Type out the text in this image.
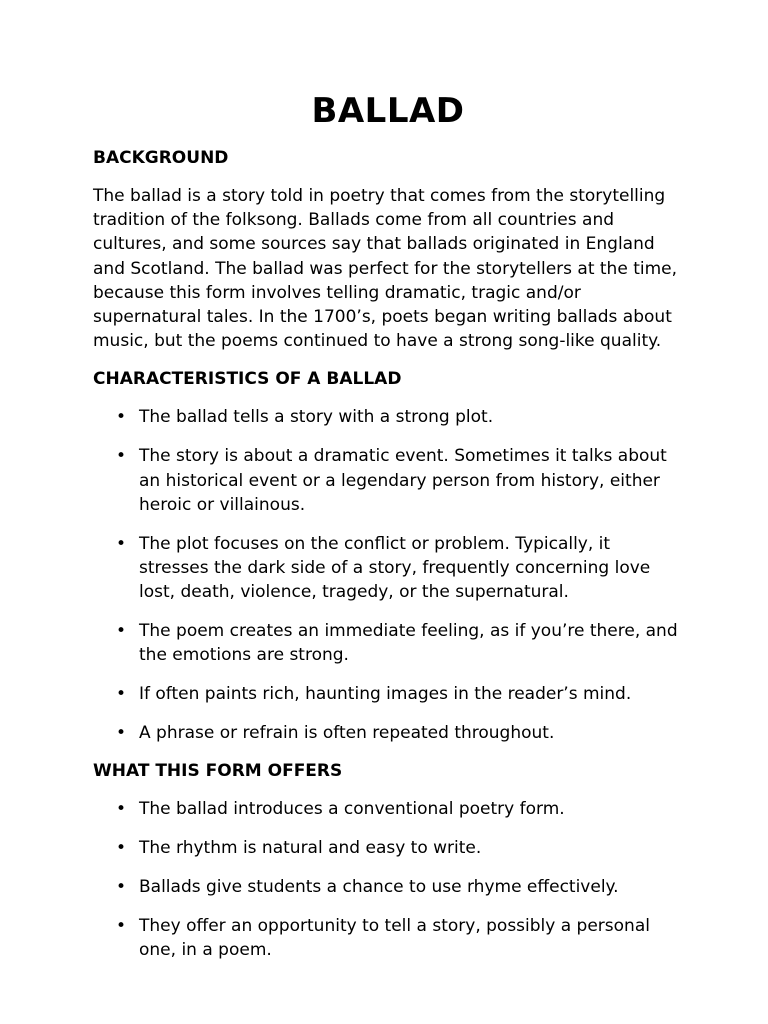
BALLAD
BACKGROUND
The ballad is a story told in poetry that comes from the storytelling tradition of the folksong. Ballads come from all countries and cultures, and some sources say that ballads originated in England and Scotland. The ballad was perfect for the storytellers at the time, because this form involves telling dramatic, tragic and/or supernatural tales. In the 1700’s, poets began writing ballads about music, but the poems continued to have a strong song-like quality.
CHARACTERISTICS OF A BALLAD
• The ballad tells a story with a strong plot.
• The story is about a dramatic event. Sometimes it talks about an historical event or a legendary person from history, either heroic or villainous.
• The plot focuses on the conflict or problem. Typically, it stresses the dark side of a story, frequently concerning love lost, death, violence, tragedy, or the supernatural.
• The poem creates an immediate feeling, as if you’re there, and the emotions are strong.
• If often paints rich, haunting images in the reader’s mind.
• A phrase or refrain is often repeated throughout.
WHAT THIS FORM OFFERS
• The ballad introduces a conventional poetry form.
• The rhythm is natural and easy to write.
• Ballads give students a chance to use rhyme effectively.
• They offer an opportunity to tell a story, possibly a personal one, in a poem.
